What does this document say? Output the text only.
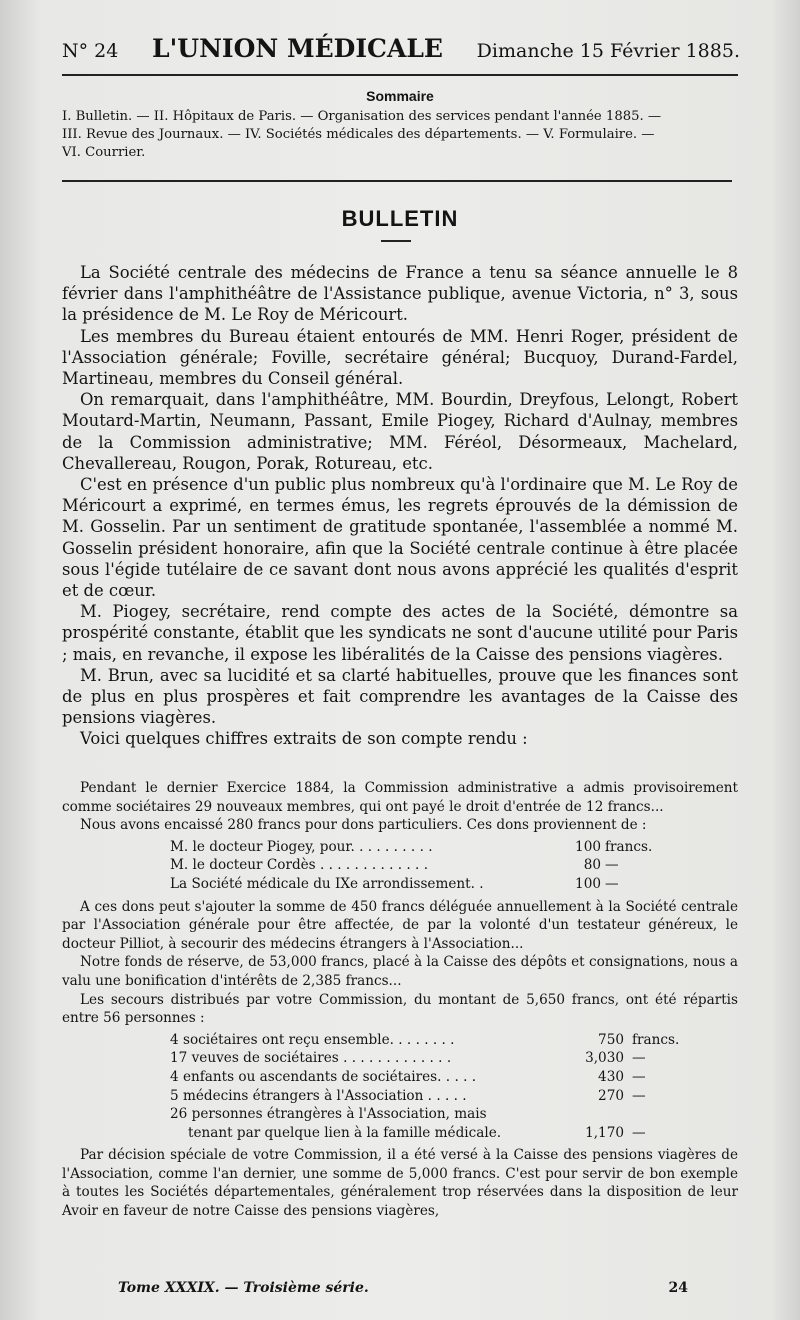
N° 24 L'UNION MÉDICALE Dimanche 15 Février 1885.
Sommaire
I. Bulletin. — II. Hôpitaux de Paris. — Organisation des services pendant l'année 1885. —
III. Revue des Journaux. — IV. Sociétés médicales des départements. — V. Formulaire. —
VI. Courrier.
BULLETIN

La Société centrale des médecins de France a tenu sa séance annuelle le 8 février dans l'amphithéâtre de l'Assistance publique, avenue Victoria, n° 3, sous la présidence de M. Le Roy de Méricourt.

Les membres du Bureau étaient entourés de MM. Henri Roger, président de l'Association générale; Foville, secrétaire général; Bucquoy, Durand-Fardel, Martineau, membres du Conseil général.

On remarquait, dans l'amphithéâtre, MM. Bourdin, Dreyfous, Lelongt, Robert Moutard-Martin, Neumann, Passant, Emile Piogey, Richard d'Aulnay, membres de la Commission administrative; MM. Féréol, Désormeaux, Machelard, Chevallereau, Rougon, Porak, Rotureau, etc.

C'est en présence d'un public plus nombreux qu'à l'ordinaire que M. Le Roy de Méricourt a exprimé, en termes émus, les regrets éprouvés de la démission de M. Gosselin. Par un sentiment de gratitude spontanée, l'assemblée a nommé M. Gosselin président honoraire, afin que la Société centrale continue à être placée sous l'égide tutélaire de ce savant dont nous avons apprécié les qualités d'esprit et de cœur.

M. Piogey, secrétaire, rend compte des actes de la Société, démontre sa prospérité constante, établit que les syndicats ne sont d'aucune utilité pour Paris ; mais, en revanche, il expose les libéralités de la Caisse des pensions viagères.

M. Brun, avec sa lucidité et sa clarté habituelles, prouve que les finances sont de plus en plus prospères et fait comprendre les avantages de la Caisse des pensions viagères.

Voici quelques chiffres extraits de son compte rendu :

Pendant le dernier Exercice 1884, la Commission administrative a admis provisoirement comme sociétaires 29 nouveaux membres, qui ont payé le droit d'entrée de 12 francs...

Nous avons encaissé 280 francs pour dons particuliers. Ces dons proviennent de :

M. le docteur Piogey, pour. . . . . . . . . .	100	francs.
M. le docteur Cordès . . . . . . . . . . . . .	80	—
La Société médicale du IXe arrondissement. .	100	—

A ces dons peut s'ajouter la somme de 450 francs déléguée annuellement à la Société centrale par l'Association générale pour être affectée, de par la volonté d'un testateur généreux, le docteur Pilliot, à secourir des médecins étrangers à l'Association...

Notre fonds de réserve, de 53,000 francs, placé à la Caisse des dépôts et consignations, nous a valu une bonification d'intérêts de 2,385 francs...

Les secours distribués par votre Commission, du montant de 5,650 francs, ont été répartis entre 56 personnes :

4 sociétaires ont reçu ensemble. . . . . . . .	750	francs.
17 veuves de sociétaires . . . . . . . . . . . . .	3,030	—
4 enfants ou ascendants de sociétaires. . . . .	430	—
5 médecins étrangers à l'Association . . . . .	270	—
26 personnes étrangères à l'Association, mais		
tenant par quelque lien à la famille médicale.	1,170	—

Par décision spéciale de votre Commission, il a été versé à la Caisse des pensions viagères de l'Association, comme l'an dernier, une somme de 5,000 francs. C'est pour servir de bon exemple à toutes les Sociétés départementales, généralement trop réservées dans la disposition de leur Avoir en faveur de notre Caisse des pensions viagères,

Tome XXXIX. — Troisième série.	24
